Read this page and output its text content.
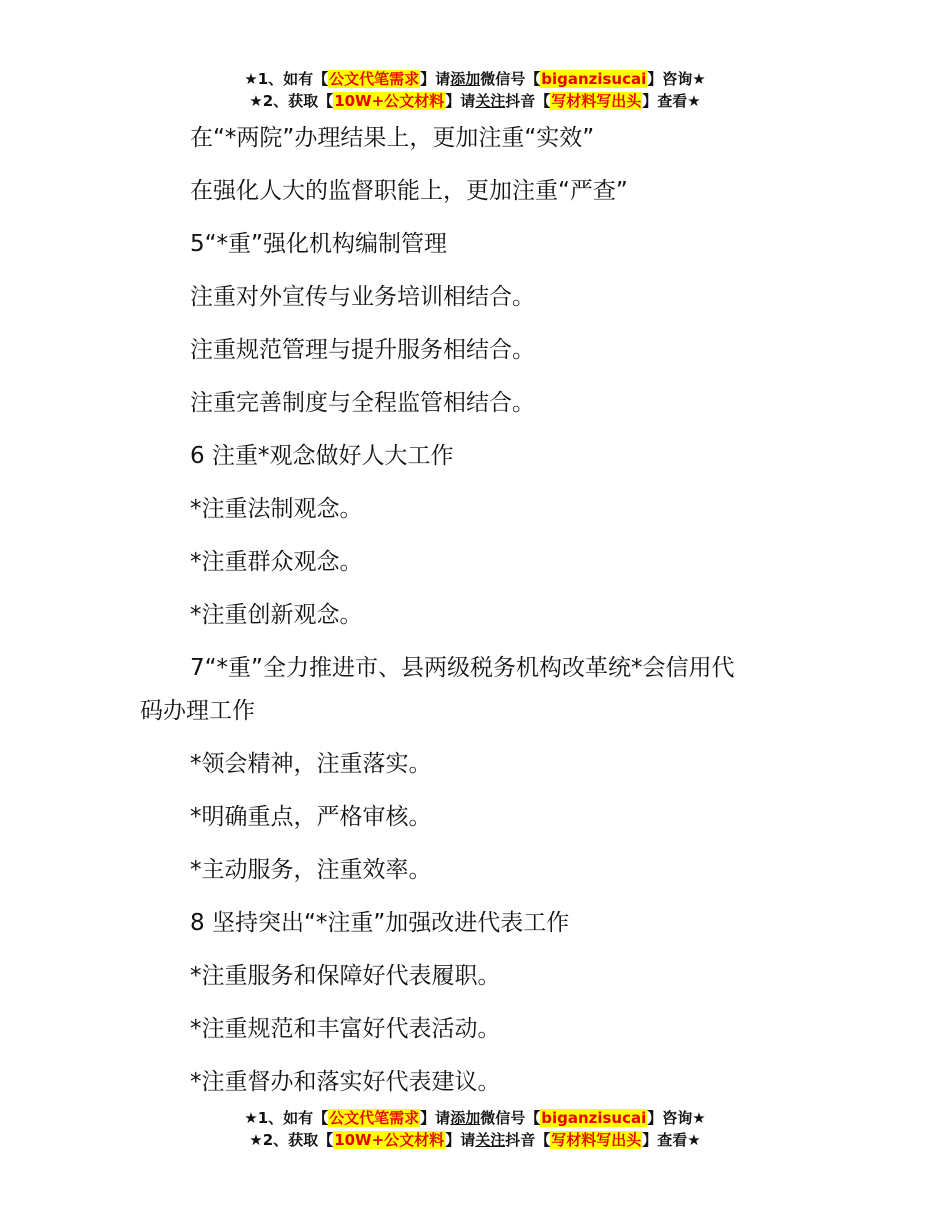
★1、如有【公文代笔需求】请添加微信号【biganzisucai】咨询★
★2、获取【10W+公文材料】请关注抖音【写材料写出头】查看★
在“*两院”办理结果上，更加注重“实效”
在强化人大的监督职能上，更加注重“严查”
5“*重”强化机构编制管理
注重对外宣传与业务培训相结合。
注重规范管理与提升服务相结合。
注重完善制度与全程监管相结合。
6 注重*观念做好人大工作
*注重法制观念。
*注重群众观念。
*注重创新观念。
7“*重”全力推进市、县两级税务机构改革统*会信用代
码办理工作
*领会精神，注重落实。
*明确重点，严格审核。
*主动服务，注重效率。
8 坚持突出“*注重”加强改进代表工作
*注重服务和保障好代表履职。
*注重规范和丰富好代表活动。
*注重督办和落实好代表建议。
★1、如有【公文代笔需求】请添加微信号【biganzisucai】咨询★
★2、获取【10W+公文材料】请关注抖音【写材料写出头】查看★
